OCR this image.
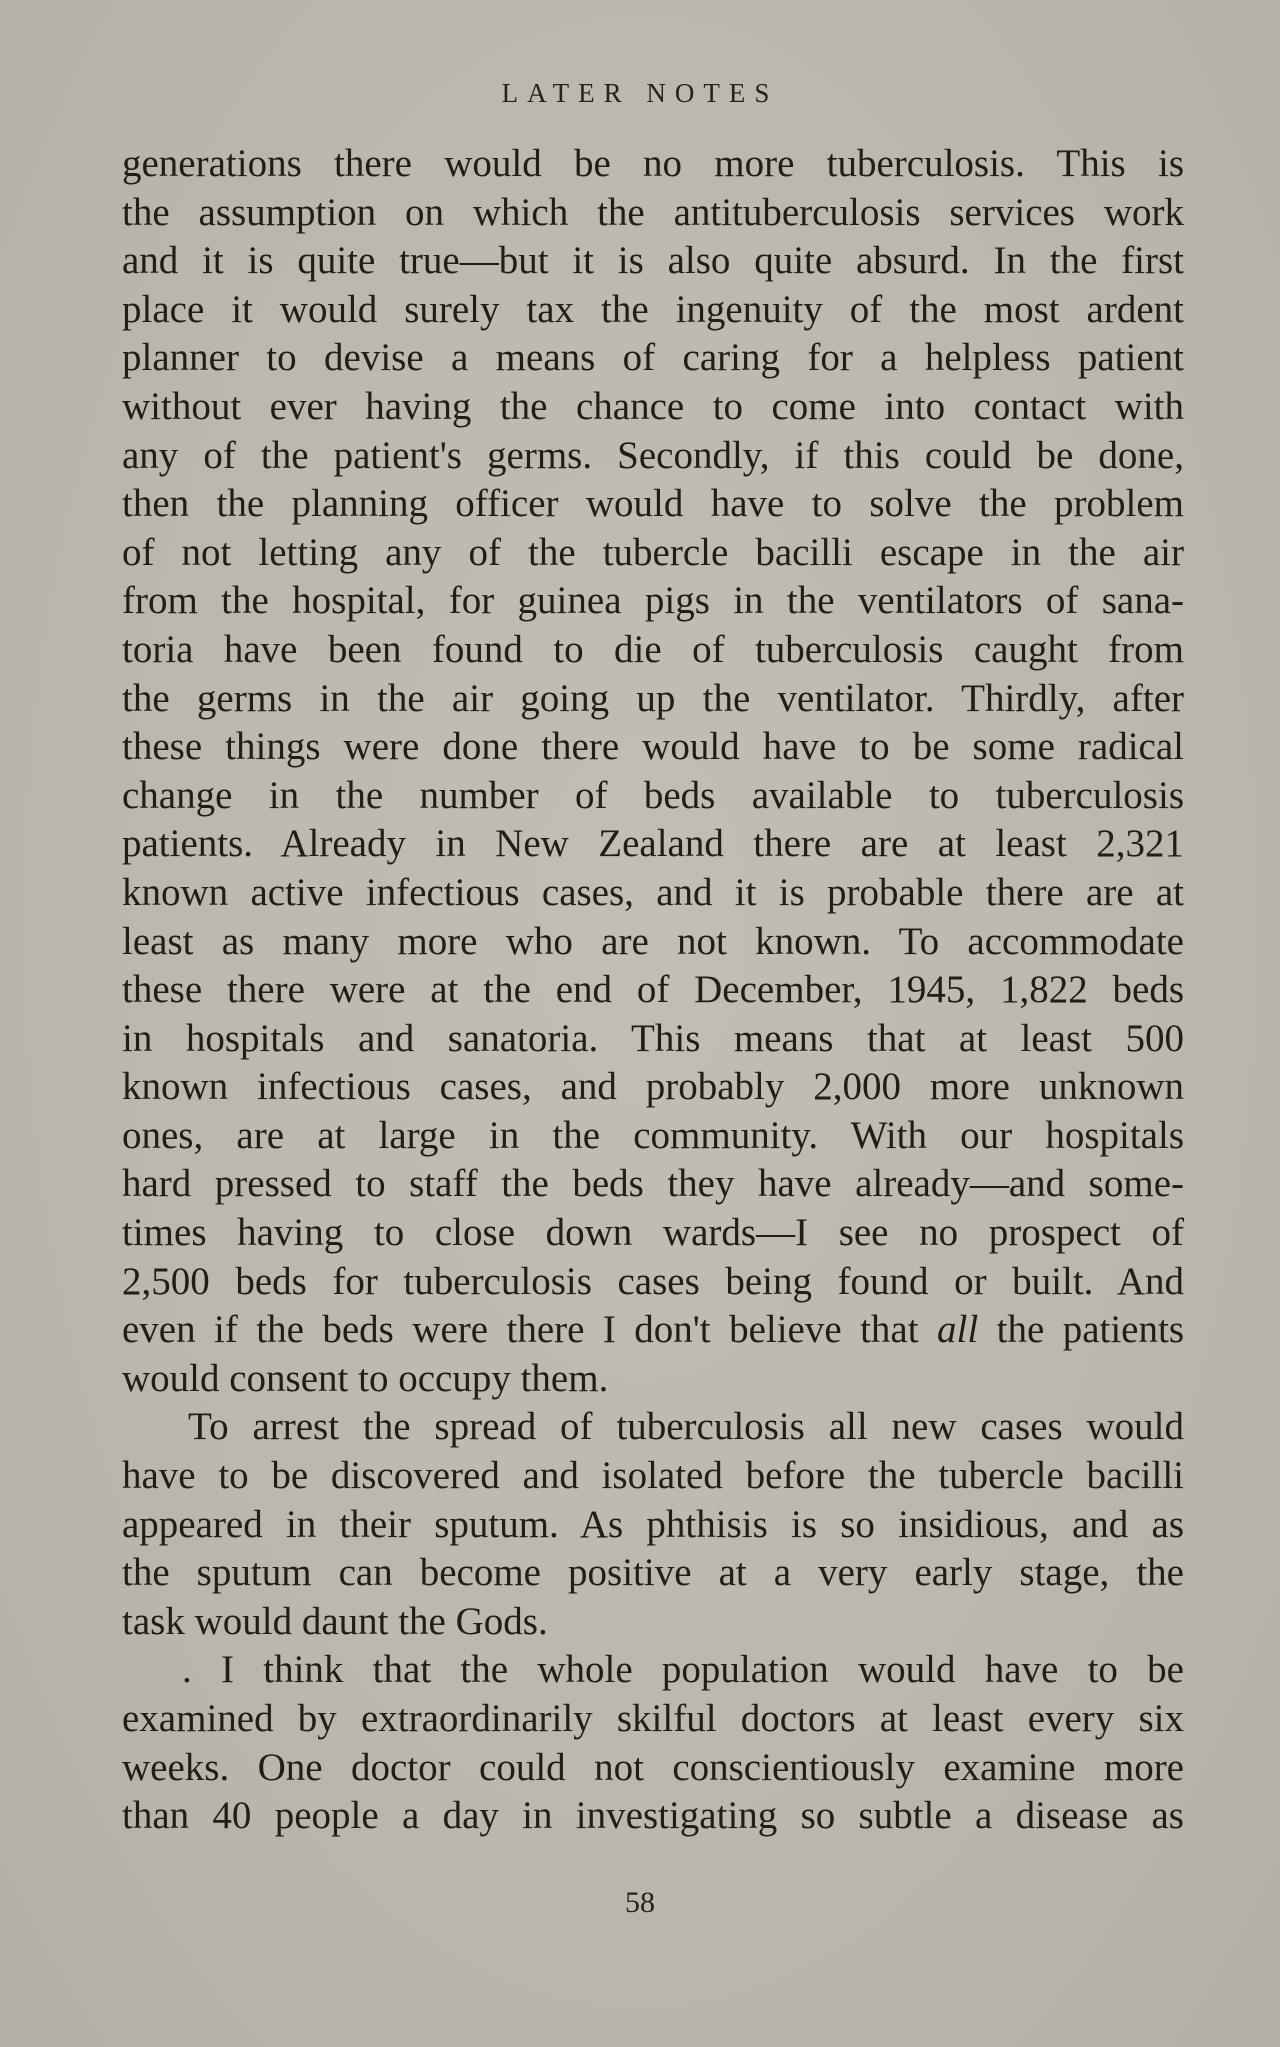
LATER NOTES

generations there would be no more tuberculosis. This is
the assumption on which the antituberculosis services work
and it is quite true—but it is also quite absurd. In the first
place it would surely tax the ingenuity of the most ardent
planner to devise a means of caring for a helpless patient
without ever having the chance to come into contact with
any of the patient's germs. Secondly, if this could be done,
then the planning officer would have to solve the problem
of not letting any of the tubercle bacilli escape in the air
from the hospital, for guinea pigs in the ventilators of sana-
toria have been found to die of tuberculosis caught from
the germs in the air going up the ventilator. Thirdly, after
these things were done there would have to be some radical
change in the number of beds available to tuberculosis
patients. Already in New Zealand there are at least 2,321
known active infectious cases, and it is probable there are at
least as many more who are not known. To accommodate
these there were at the end of December, 1945, 1,822 beds
in hospitals and sanatoria. This means that at least 500
known infectious cases, and probably 2,000 more unknown
ones, are at large in the community. With our hospitals
hard pressed to staff the beds they have already—and some-
times having to close down wards—I see no prospect of
2,500 beds for tuberculosis cases being found or built. And
even if the beds were there I don't believe that all the patients
would consent to occupy them.

To arrest the spread of tuberculosis all new cases would
have to be discovered and isolated before the tubercle bacilli
appeared in their sputum. As phthisis is so insidious, and as
the sputum can become positive at a very early stage, the
task would daunt the Gods.

. I think that the whole population would have to be
examined by extraordinarily skilful doctors at least every six
weeks. One doctor could not conscientiously examine more
than 40 people a day in investigating so subtle a disease as

58
